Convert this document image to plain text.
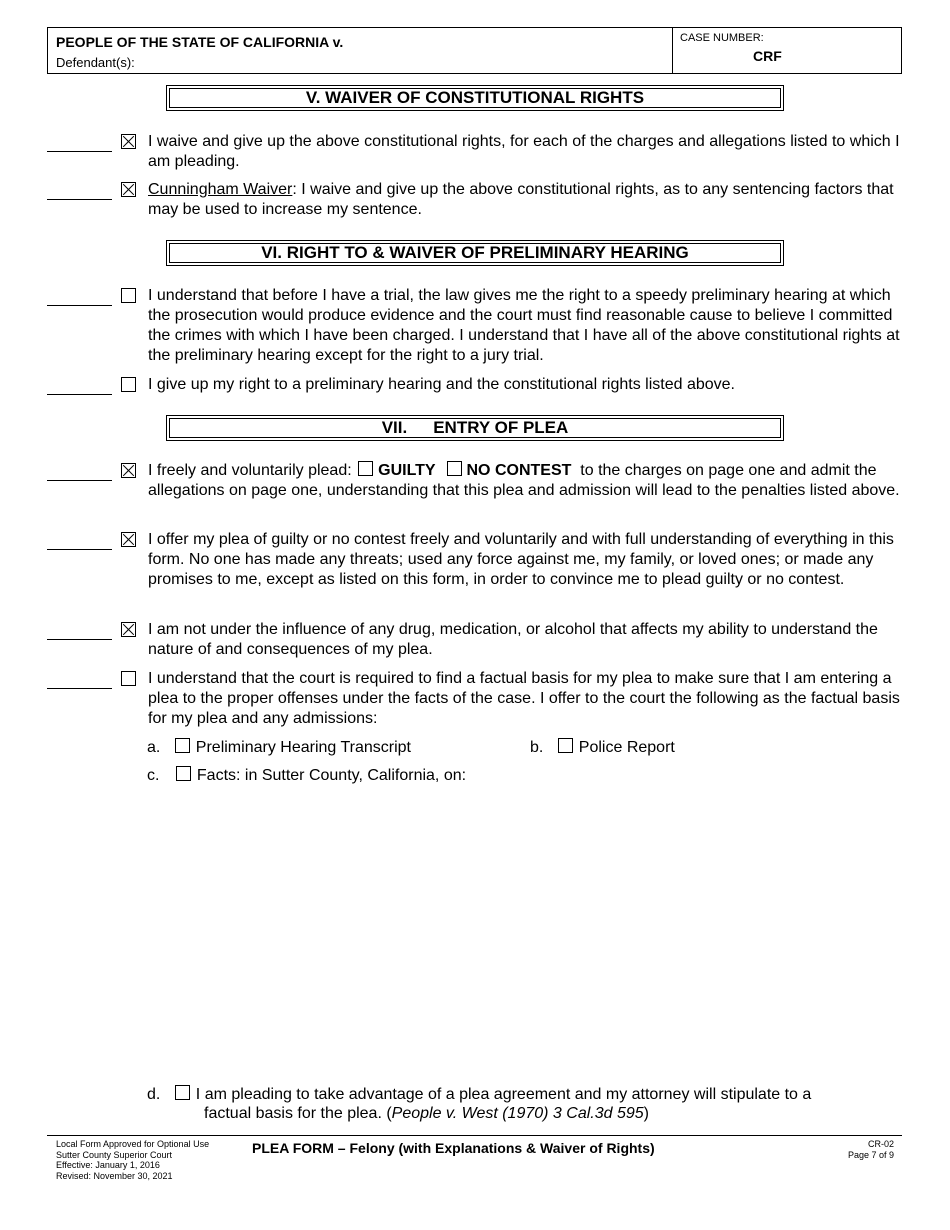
PEOPLE OF THE STATE OF CALIFORNIA v.
Defendant(s):
CASE NUMBER:
CRF
V. WAIVER OF CONSTITUTIONAL RIGHTS
I waive and give up the above constitutional rights, for each of the charges and allegations listed to which I am pleading.
Cunningham Waiver: I waive and give up the above constitutional rights, as to any sentencing factors that may be used to increase my sentence.
VI. RIGHT TO & WAIVER OF PRELIMINARY HEARING
I understand that before I have a trial, the law gives me the right to a speedy preliminary hearing at which the prosecution would produce evidence and the court must find reasonable cause to believe I committed the crimes with which I have been charged. I understand that I have all of the above constitutional rights at the preliminary hearing except for the right to a jury trial.
I give up my right to a preliminary hearing and the constitutional rights listed above.
VII. ENTRY OF PLEA
I freely and voluntarily plead: GUILTY NO CONTEST  to the charges on page one and admit the allegations on page one, understanding that this plea and admission will lead to the penalties listed above.
I offer my plea of guilty or no contest freely and voluntarily and with full understanding of everything in this form. No one has made any threats; used any force against me, my family, or loved ones; or made any promises to me, except as listed on this form, in order to convince me to plead guilty or no contest.
I am not under the influence of any drug, medication, or alcohol that affects my ability to understand the nature of and consequences of my plea.
I understand that the court is required to find a factual basis for my plea to make sure that I am entering a plea to the proper offenses under the facts of the case. I offer to the court the following as the factual basis for my plea and any admissions:
a. Preliminary Hearing Transcript	b. Police Report
c. Facts: in Sutter County, California, on:
d. I am pleading to take advantage of a plea agreement and my attorney will stipulate to a
factual basis for the plea. (People v. West (1970) 3 Cal.3d 595)
Local Form Approved for Optional Use
Sutter County Superior Court
Effective: January 1, 2016
Revised: November 30, 2021
PLEA FORM – Felony (with Explanations & Waiver of Rights)	CR-02
Page 7 of 9
